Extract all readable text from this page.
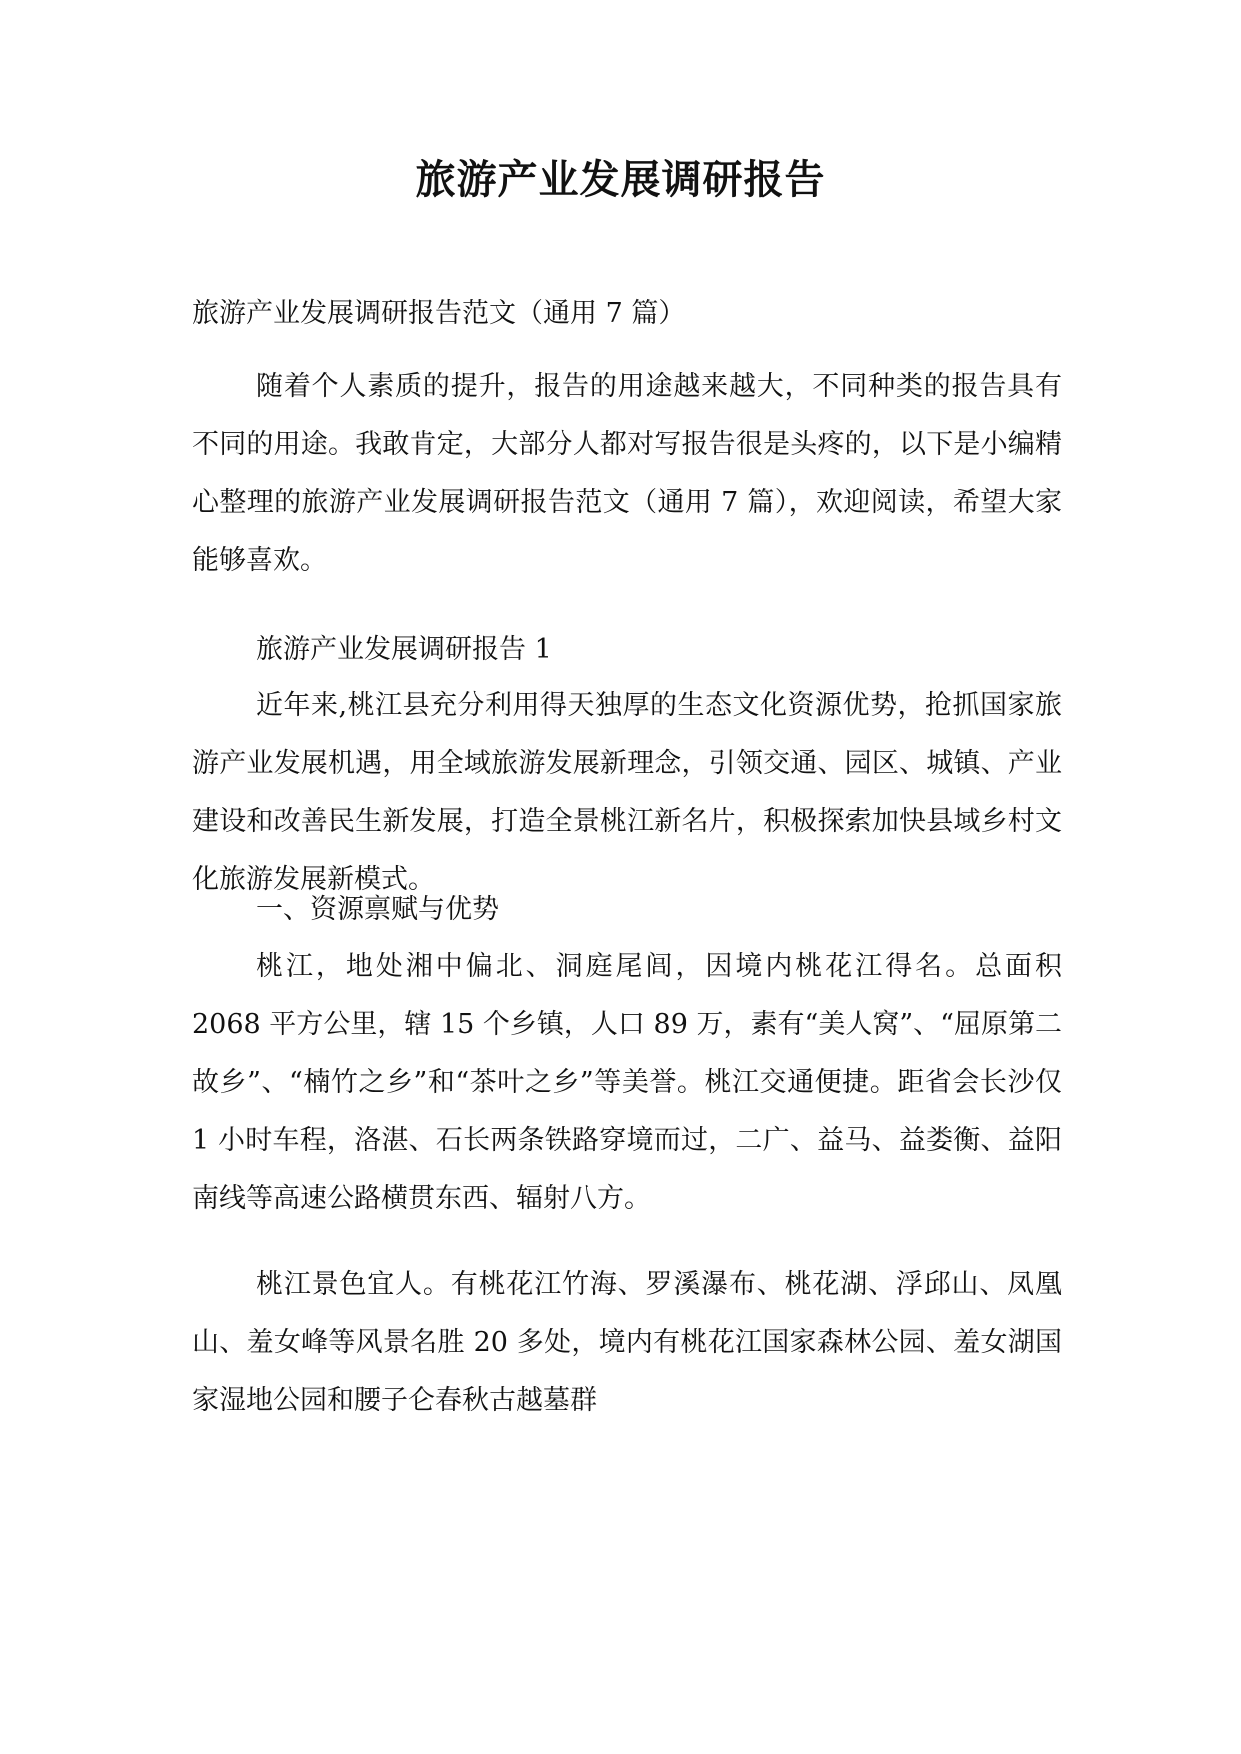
旅游产业发展调研报告
旅游产业发展调研报告范文（通用 7 篇）

随着个人素质的提升，报告的用途越来越大，不同种类的报告具有不同的用途。我敢肯定，大部分人都对写报告很是头疼的，以下是小编精心整理的旅游产业发展调研报告范文（通用 7 篇），欢迎阅读，希望大家能够喜欢。

旅游产业发展调研报告 1

近年来,桃江县充分利用得天独厚的生态文化资源优势，抢抓国家旅游产业发展机遇，用全域旅游发展新理念，引领交通、园区、城镇、产业建设和改善民生新发展，打造全景桃江新名片，积极探索加快县域乡村文化旅游发展新模式。

一、资源禀赋与优势

桃江，地处湘中偏北、洞庭尾闾，因境内桃花江得名。总面积 2068 平方公里，辖 15 个乡镇，人口 89 万，素有“美人窝”、“屈原第二故乡”、“楠竹之乡”和“茶叶之乡”等美誉。桃江交通便捷。距省会长沙仅 1 小时车程，洛湛、石长两条铁路穿境而过，二广、益马、益娄衡、益阳南线等高速公路横贯东西、辐射八方。

桃江景色宜人。有桃花江竹海、罗溪瀑布、桃花湖、浮邱山、凤凰山、羞女峰等风景名胜 20 多处，境内有桃花江国家森林公园、羞女湖国家湿地公园和腰子仑春秋古越墓群
